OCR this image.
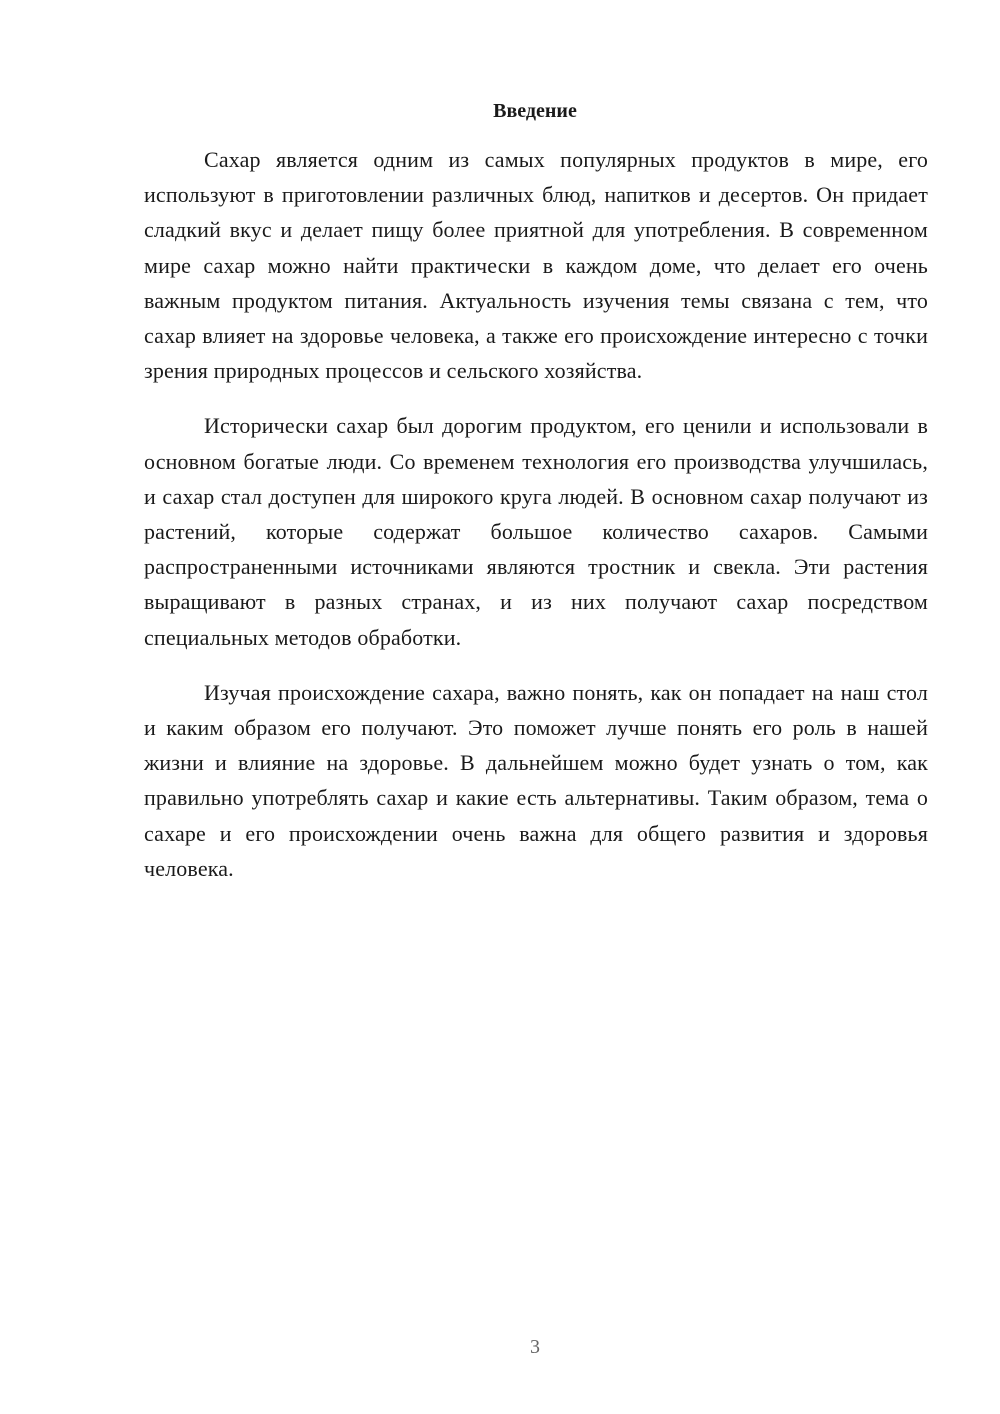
Введение

Сахар является одним из самых популярных продуктов в мире, его используют в приготовлении различных блюд, напитков и десертов. Он придает сладкий вкус и делает пищу более приятной для употребления. В современном мире сахар можно найти практически в каждом доме, что делает его очень важным продуктом питания. Актуальность изучения темы связана с тем, что сахар влияет на здоровье человека, а также его происхождение интересно с точки зрения природных процессов и сельского хозяйства.

Исторически сахар был дорогим продуктом, его ценили и использовали в основном богатые люди. Со временем технология его производства улучшилась, и сахар стал доступен для широкого круга людей. В основном сахар получают из растений, которые содержат большое количество сахаров. Самыми распространенными источниками являются тростник и свекла. Эти растения выращивают в разных странах, и из них получают сахар посредством специальных методов обработки.

Изучая происхождение сахара, важно понять, как он попадает на наш стол и каким образом его получают. Это поможет лучше понять его роль в нашей жизни и влияние на здоровье. В дальнейшем можно будет узнать о том, как правильно употреблять сахар и какие есть альтернативы. Таким образом, тема о сахаре и его происхождении очень важна для общего развития и здоровья человека.

3
